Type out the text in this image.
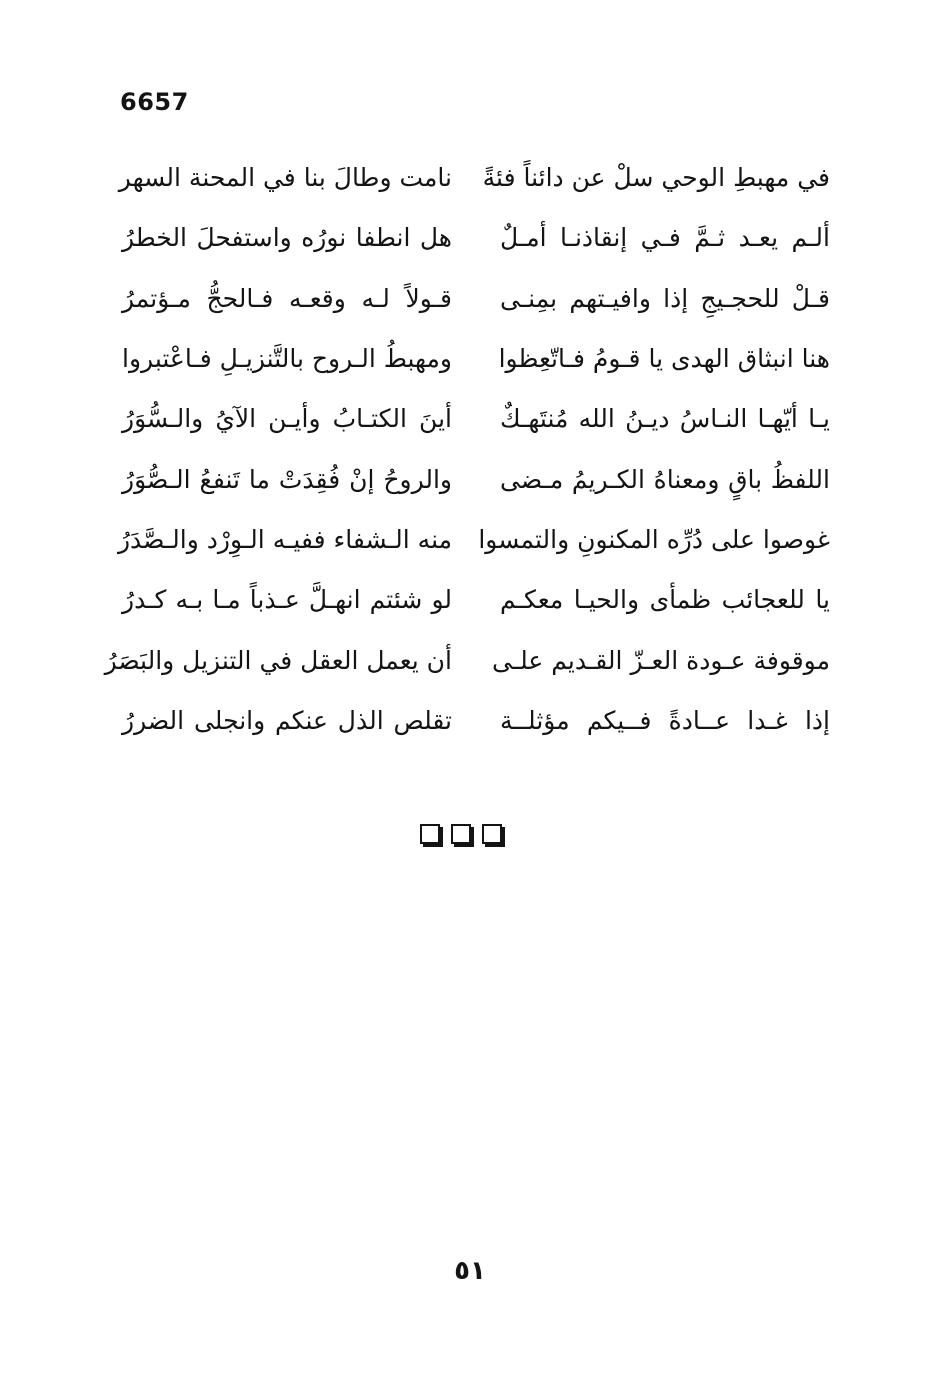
6657
في مهبطِ الوحي سلْ عن دائناً فئةً
نامت وطالَ بنا في المحنة السهر
ألـم يعـد ثـمَّ فـي إنقاذنـا أمـلٌ
هل انطفا نورُه واستفحلَ الخطرُ
قـلْ للحجـيجِ إذا وافيـتهم بمِنـى
قـولاً لـه وقعـه فـالحجُّ مـؤتمرُ
هنا انبثاق الهدى يا قـومُ فـاتّعِظوا
ومهبطُ الـروح بالتَّنزيـلِ فـاعْتبروا
يـا أيّهـا النـاسُ ديـنُ الله مُنتَهـكٌ
أينَ الكتـابُ وأيـن الآيُ والـسُّوَرُ
اللفظُ باقٍ ومعناهُ الكـريمُ مـضى
والروحُ إنْ فُقِدَتْ ما تَنفعُ الـصُّوَرُ
غوصوا على دُرِّه المكنونِ والتمسوا
منه الـشفاء ففيـه الـوِرْد والـصَّدَرُ
يا للعجائب ظمأى والحيـا معكـم
لو شئتم انهـلَّ عـذباً مـا بـه كـدرُ
موقوفة عـودة العـزّ القـديم علـى
أن يعمل العقل في التنزيل والبَصَرُ
إذا غـدا عــادةً فــيكم مؤثلــة
تقلص الذل عنكم وانجلى الضررُ
٥١
